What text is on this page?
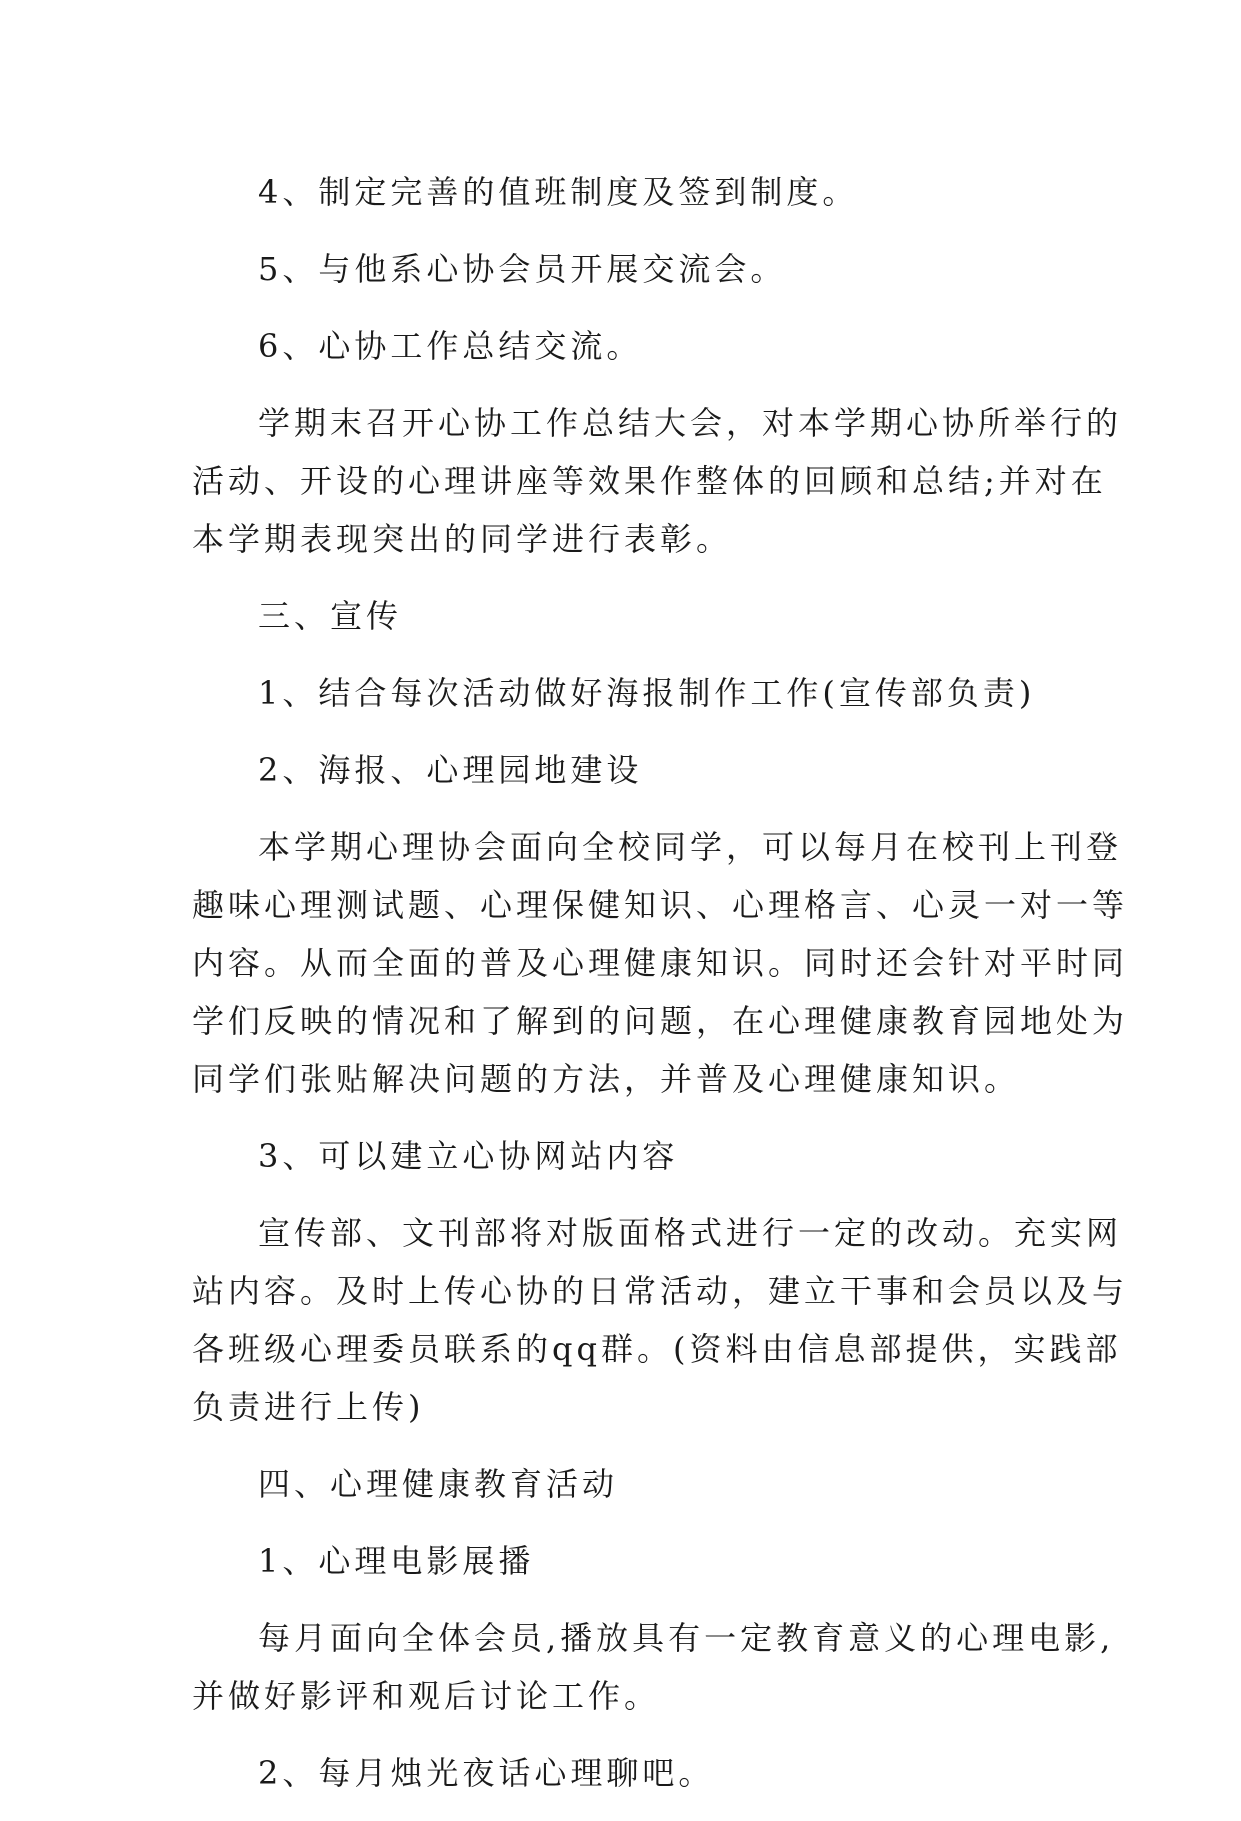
4、制定完善的值班制度及签到制度。
5、与他系心协会员开展交流会。
6、心协工作总结交流。
学期末召开心协工作总结大会，对本学期心协所举行的
活动、开设的心理讲座等效果作整体的回顾和总结;并对在
本学期表现突出的同学进行表彰。
三、宣传
1、结合每次活动做好海报制作工作(宣传部负责)
2、海报、心理园地建设
本学期心理协会面向全校同学，可以每月在校刊上刊登
趣味心理测试题、心理保健知识、心理格言、心灵一对一等
内容。从而全面的普及心理健康知识。同时还会针对平时同
学们反映的情况和了解到的问题，在心理健康教育园地处为
同学们张贴解决问题的方法，并普及心理健康知识。
3、可以建立心协网站内容
宣传部、文刊部将对版面格式进行一定的改动。充实网
站内容。及时上传心协的日常活动，建立干事和会员以及与
各班级心理委员联系的qq群。(资料由信息部提供，实践部
负责进行上传)
四、心理健康教育活动
1、心理电影展播
每月面向全体会员,播放具有一定教育意义的心理电影,
并做好影评和观后讨论工作。
2、每月烛光夜话心理聊吧。
